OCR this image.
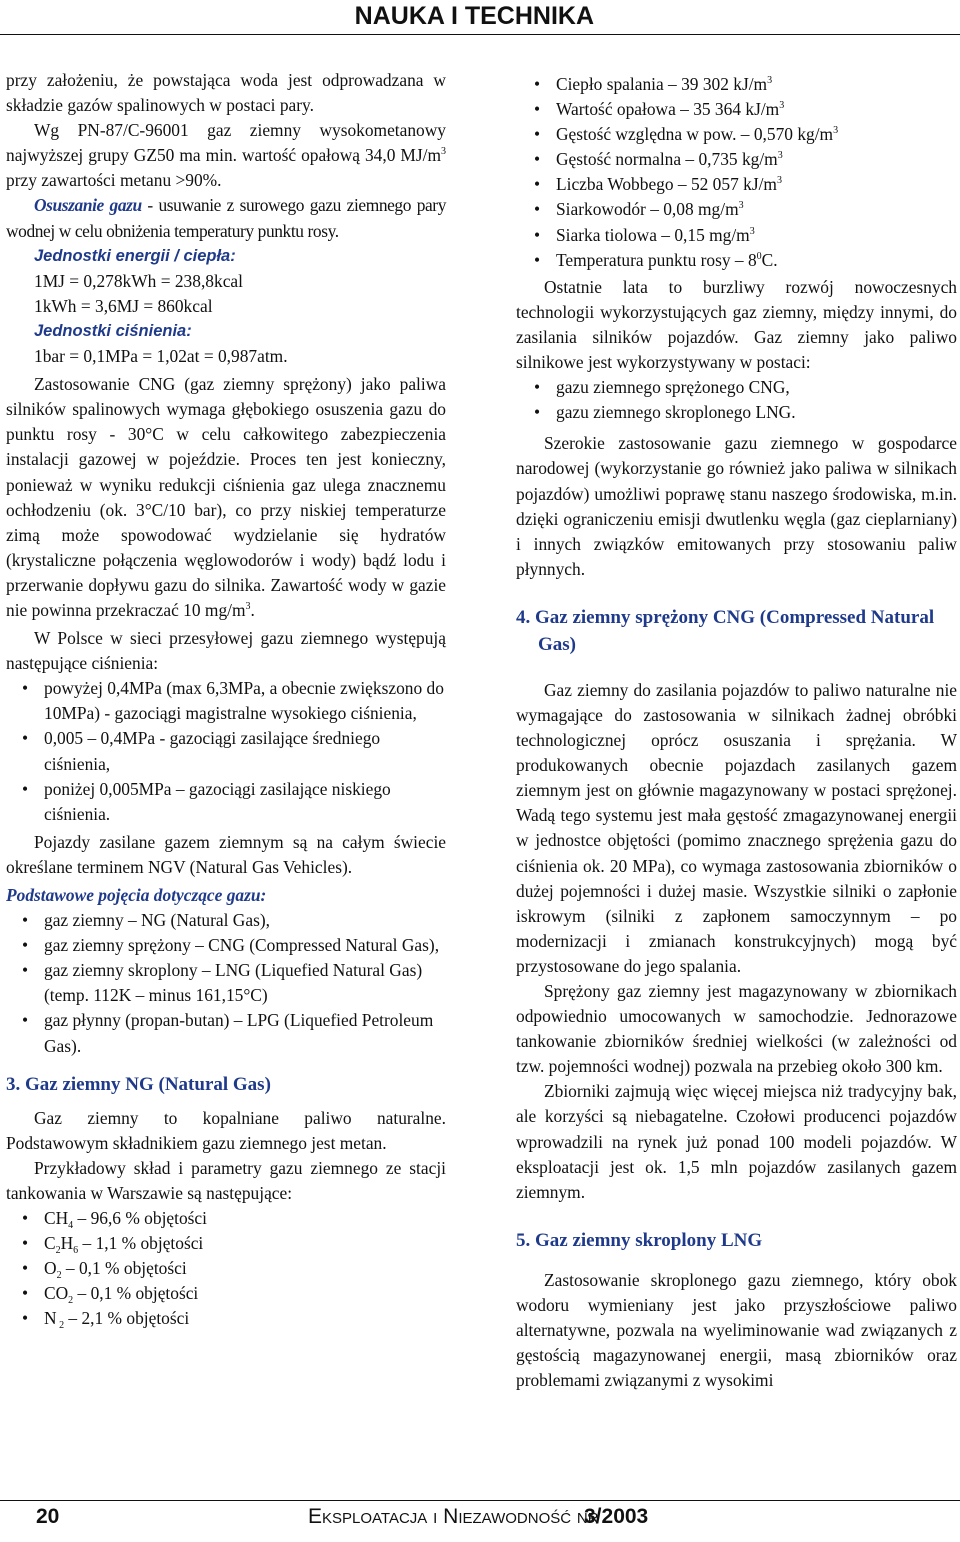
NAUKA I TECHNIKA

przy założeniu, że powstająca woda jest odprowadzana w składzie gazów spalinowych w postaci pary.

Wg PN-87/C-96001 gaz ziemny wysokometanowy najwyższej grupy GZ50 ma min. wartość opałową 34,0 $MJ/m^3$ przy zawartości metanu >90%.

Osuszanie gazu - usuwanie z surowego gazu ziemnego pary wodnej w celu obniżenia temperatury punktu rosy.

Jednostki energii / ciepła:

1MJ = 0,278kWh = 238,8kcal

1kWh = 3,6MJ = 860kcal

Jednostki ciśnienia:

1bar = 0,1MPa = 1,02at = 0,987atm.

Zastosowanie CNG (gaz ziemny sprężony) jako paliwa silników spalinowych wymaga głębokiego osuszenia gazu do punktu rosy - 30°C w celu całkowitego zabezpieczenia instalacji gazowej w pojeździe. Proces ten jest konieczny, ponieważ w wyniku redukcji ciśnienia gaz ulega znacznemu ochłodzeniu (ok. 3°C/10 bar), co przy niskiej temperaturze zimą może spowodować wydzielanie się hydratów (krystaliczne połączenia węglowodorów i wody) bądź lodu i przerwanie dopływu gazu do silnika. Zawartość wody w gazie nie powinna przekraczać 10 $mg/m^3$.

W Polsce w sieci przesyłowej gazu ziemnego występują następujące ciśnienia:

• powyżej 0,4MPa (max 6,3MPa, a obecnie zwiększono do 10MPa) - gazociągi magistralne wysokiego ciśnienia,
• 0,005 – 0,4MPa - gazociągi zasilające średniego ciśnienia,
• poniżej 0,005MPa – gazociągi zasilające niskiego ciśnienia.

Pojazdy zasilane gazem ziemnym są na całym świecie określane terminem NGV (Natural Gas Vehicles).

Podstawowe pojęcia dotyczące gazu:

• gaz ziemny – NG (Natural Gas),
• gaz ziemny sprężony – CNG (Compressed Natural Gas),
• gaz ziemny skroplony – LNG (Liquefied Natural Gas) (temp. 112K – minus 161,15°C)
• gaz płynny (propan-butan) – LPG (Liquefied Petroleum Gas).

3. Gaz ziemny NG (Natural Gas)

Gaz ziemny to kopalniane paliwo naturalne. Podstawowym składnikiem gazu ziemnego jest metan.

Przykładowy skład i parametry gazu ziemnego ze stacji tankowania w Warszawie są następujące:

• $CH_4 - 96,6$ % objętości
• $C_2H_6 - 1,1$ % objętości
• $O_2 - 0,1$ % objętości
• $CO_2 - 0,1$ % objętości
• N $_2$ – 2,1 % objętości
• Ciepło spalania – 39 302 $kJ/m^3$
• Wartość opałowa – 35 364 $kJ/m^3$
• Gęstość względna w pow. – 0,570 $kg/m^3$
• Gęstość normalna – 0,735 $kg/m^3$
• Liczba Wobbego – 52 057 $kJ/m^3$
• Siarkowodór – 0,08 $mg/m^3$
• Siarka tiolowa – 0,15 $mg/m^3$
• Temperatura punktu rosy – $8^0C$.

Ostatnie lata to burzliwy rozwój nowoczesnych technologii wykorzystujących gaz ziemny, między innymi, do zasilania silników pojazdów. Gaz ziemny jako paliwo silnikowe jest wykorzystywany w postaci:

• gazu ziemnego sprężonego CNG,
• gazu ziemnego skroplonego LNG.

Szerokie zastosowanie gazu ziemnego w gospodarce narodowej (wykorzystanie go również jako paliwa w silnikach pojazdów) umożliwi poprawę stanu naszego środowiska, m.in. dzięki ograniczeniu emisji dwutlenku węgla (gaz cieplarniany) i innych związków emitowanych przy stosowaniu paliw płynnych.

4. Gaz ziemny sprężony CNG (Compressed Natural Gas)

Gaz ziemny do zasilania pojazdów to paliwo naturalne nie wymagające do zastosowania w silnikach żadnej obróbki technologicznej oprócz osuszania i sprężania. W produkowanych obecnie pojazdach zasilanych gazem ziemnym jest on głównie magazynowany w postaci sprężonej. Wadą tego systemu jest mała gęstość zmagazynowanej energii w jednostce objętości (pomimo znacznego sprężenia gazu do ciśnienia ok. 20 MPa), co wymaga zastosowania zbiorników o dużej pojemności i dużej masie. Wszystkie silniki o zapłonie iskrowym (silniki z zapłonem samoczynnym – po modernizacji i zmianach konstrukcyjnych) mogą być przystosowane do jego spalania.

Sprężony gaz ziemny jest magazynowany w zbiornikach odpowiednio umocowanych w samochodzie. Jednorazowe tankowanie zbiorników średniej wielkości (w zależności od tzw. pojemności wodnej) pozwala na przebieg około 300 km.

Zbiorniki zajmują więc więcej miejsca niż tradycyjny bak, ale korzyści są niebagatelne. Czołowi producenci pojazdów wprowadzili na rynek już ponad 100 modeli pojazdów. W eksploatacji jest ok. 1,5 mln pojazdów zasilanych gazem ziemnym.

5. Gaz ziemny skroplony LNG

Zastosowanie skroplonego gazu ziemnego, który obok wodoru wymieniany jest jako przyszłościowe paliwo alternatywne, pozwala na wyeliminowanie wad związanych z gęstością magazynowanej energii, masą zbiorników oraz problemami związanymi z wysokimi

20	Eksploatacja i Niezawodność nr
3/2003
